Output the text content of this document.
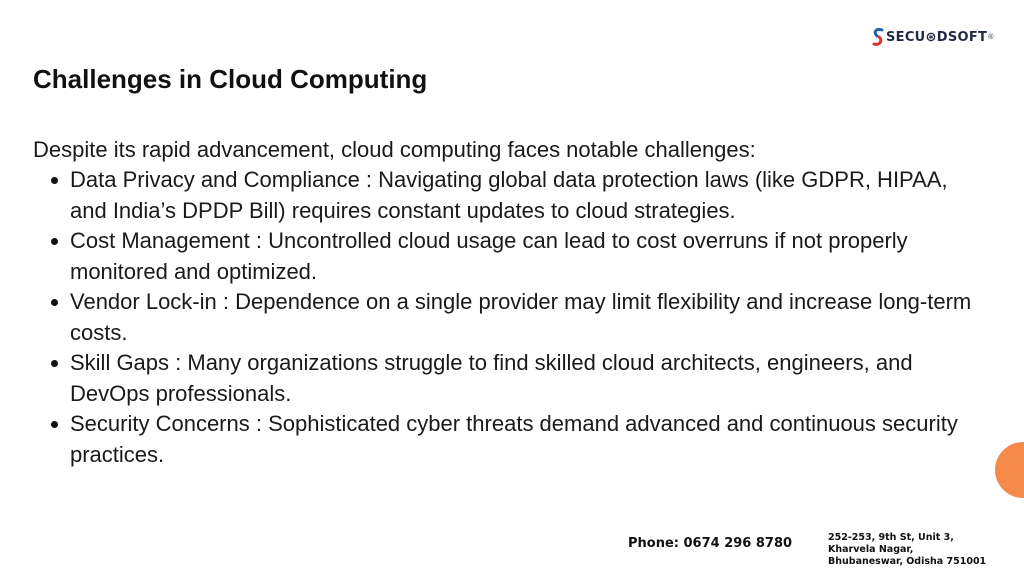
SECU⊛DSOFT ®
Challenges in Cloud Computing

Despite its rapid advancement, cloud computing faces notable challenges:

Data Privacy and Compliance : Navigating global data protection laws (like GDPR, HIPAA, and India’s DPDP Bill) requires constant updates to cloud strategies.
Cost Management : Uncontrolled cloud usage can lead to cost overruns if not properly monitored and optimized.
Vendor Lock-in : Dependence on a single provider may limit flexibility and increase long-term costs.
Skill Gaps : Many organizations struggle to find skilled cloud architects, engineers, and DevOps professionals.
Security Concerns : Sophisticated cyber threats demand advanced and continuous security practices.
Phone: 0674 296 8780	252-253, 9th St, Unit 3,
Kharvela Nagar,
Bhubaneswar, Odisha 751001
